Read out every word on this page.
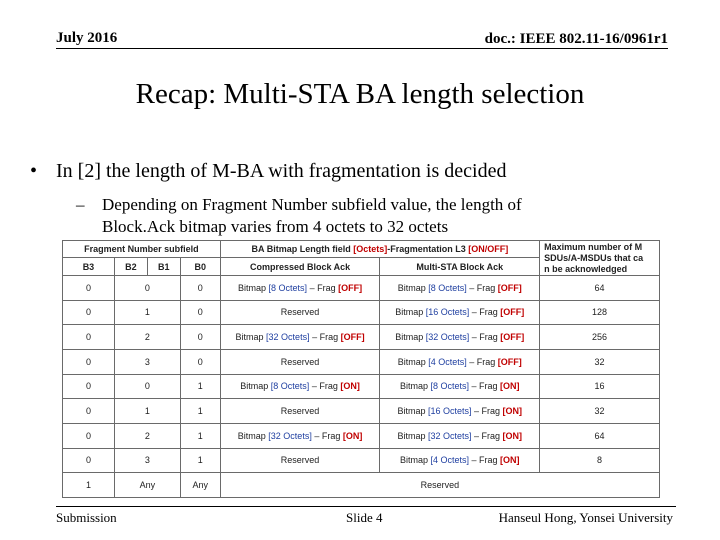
July 2016	doc.: IEEE 802.11-16/0961r1
Recap: Multi-STA BA length selection
• In [2] the length of M-BA with fragmentation is decided
– Depending on Fragment Number subfield value, the length of
Block.Ack bitmap varies from 4 octets to 32 octets
Fragment Number subfield				BA Bitmap Length field [Octets]-Fragmentation L3 [ON/OFF]		Maximum number of M
SDUs/A-MSDUs that ca
n be acknowledged

B3	B2	B1	B0	Compressed Block Ack	Multi-STA Block Ack	
0	0		0	Bitmap [8 Octets] – Frag [OFF]	Bitmap [8 Octets] – Frag [OFF]	64
0	1		0	Reserved	Bitmap [16 Octets] – Frag [OFF]	128
0	2		0	Bitmap [32 Octets] – Frag [OFF]	Bitmap [32 Octets] – Frag [OFF]	256
0	3		0	Reserved	Bitmap [4 Octets] – Frag [OFF]	32
0	0		1	Bitmap [8 Octets] – Frag [ON]	Bitmap [8 Octets] – Frag [ON]	16
0	1		1	Reserved	Bitmap [16 Octets] – Frag [ON]	32
0	2		1	Bitmap [32 Octets] – Frag [ON]	Bitmap [32 Octets] – Frag [ON]	64
0	3		1	Reserved	Bitmap [4 Octets] – Frag [ON]	8
1	Any		Any	Reserved		
Submission	Slide 4	Hanseul Hong, Yonsei University
